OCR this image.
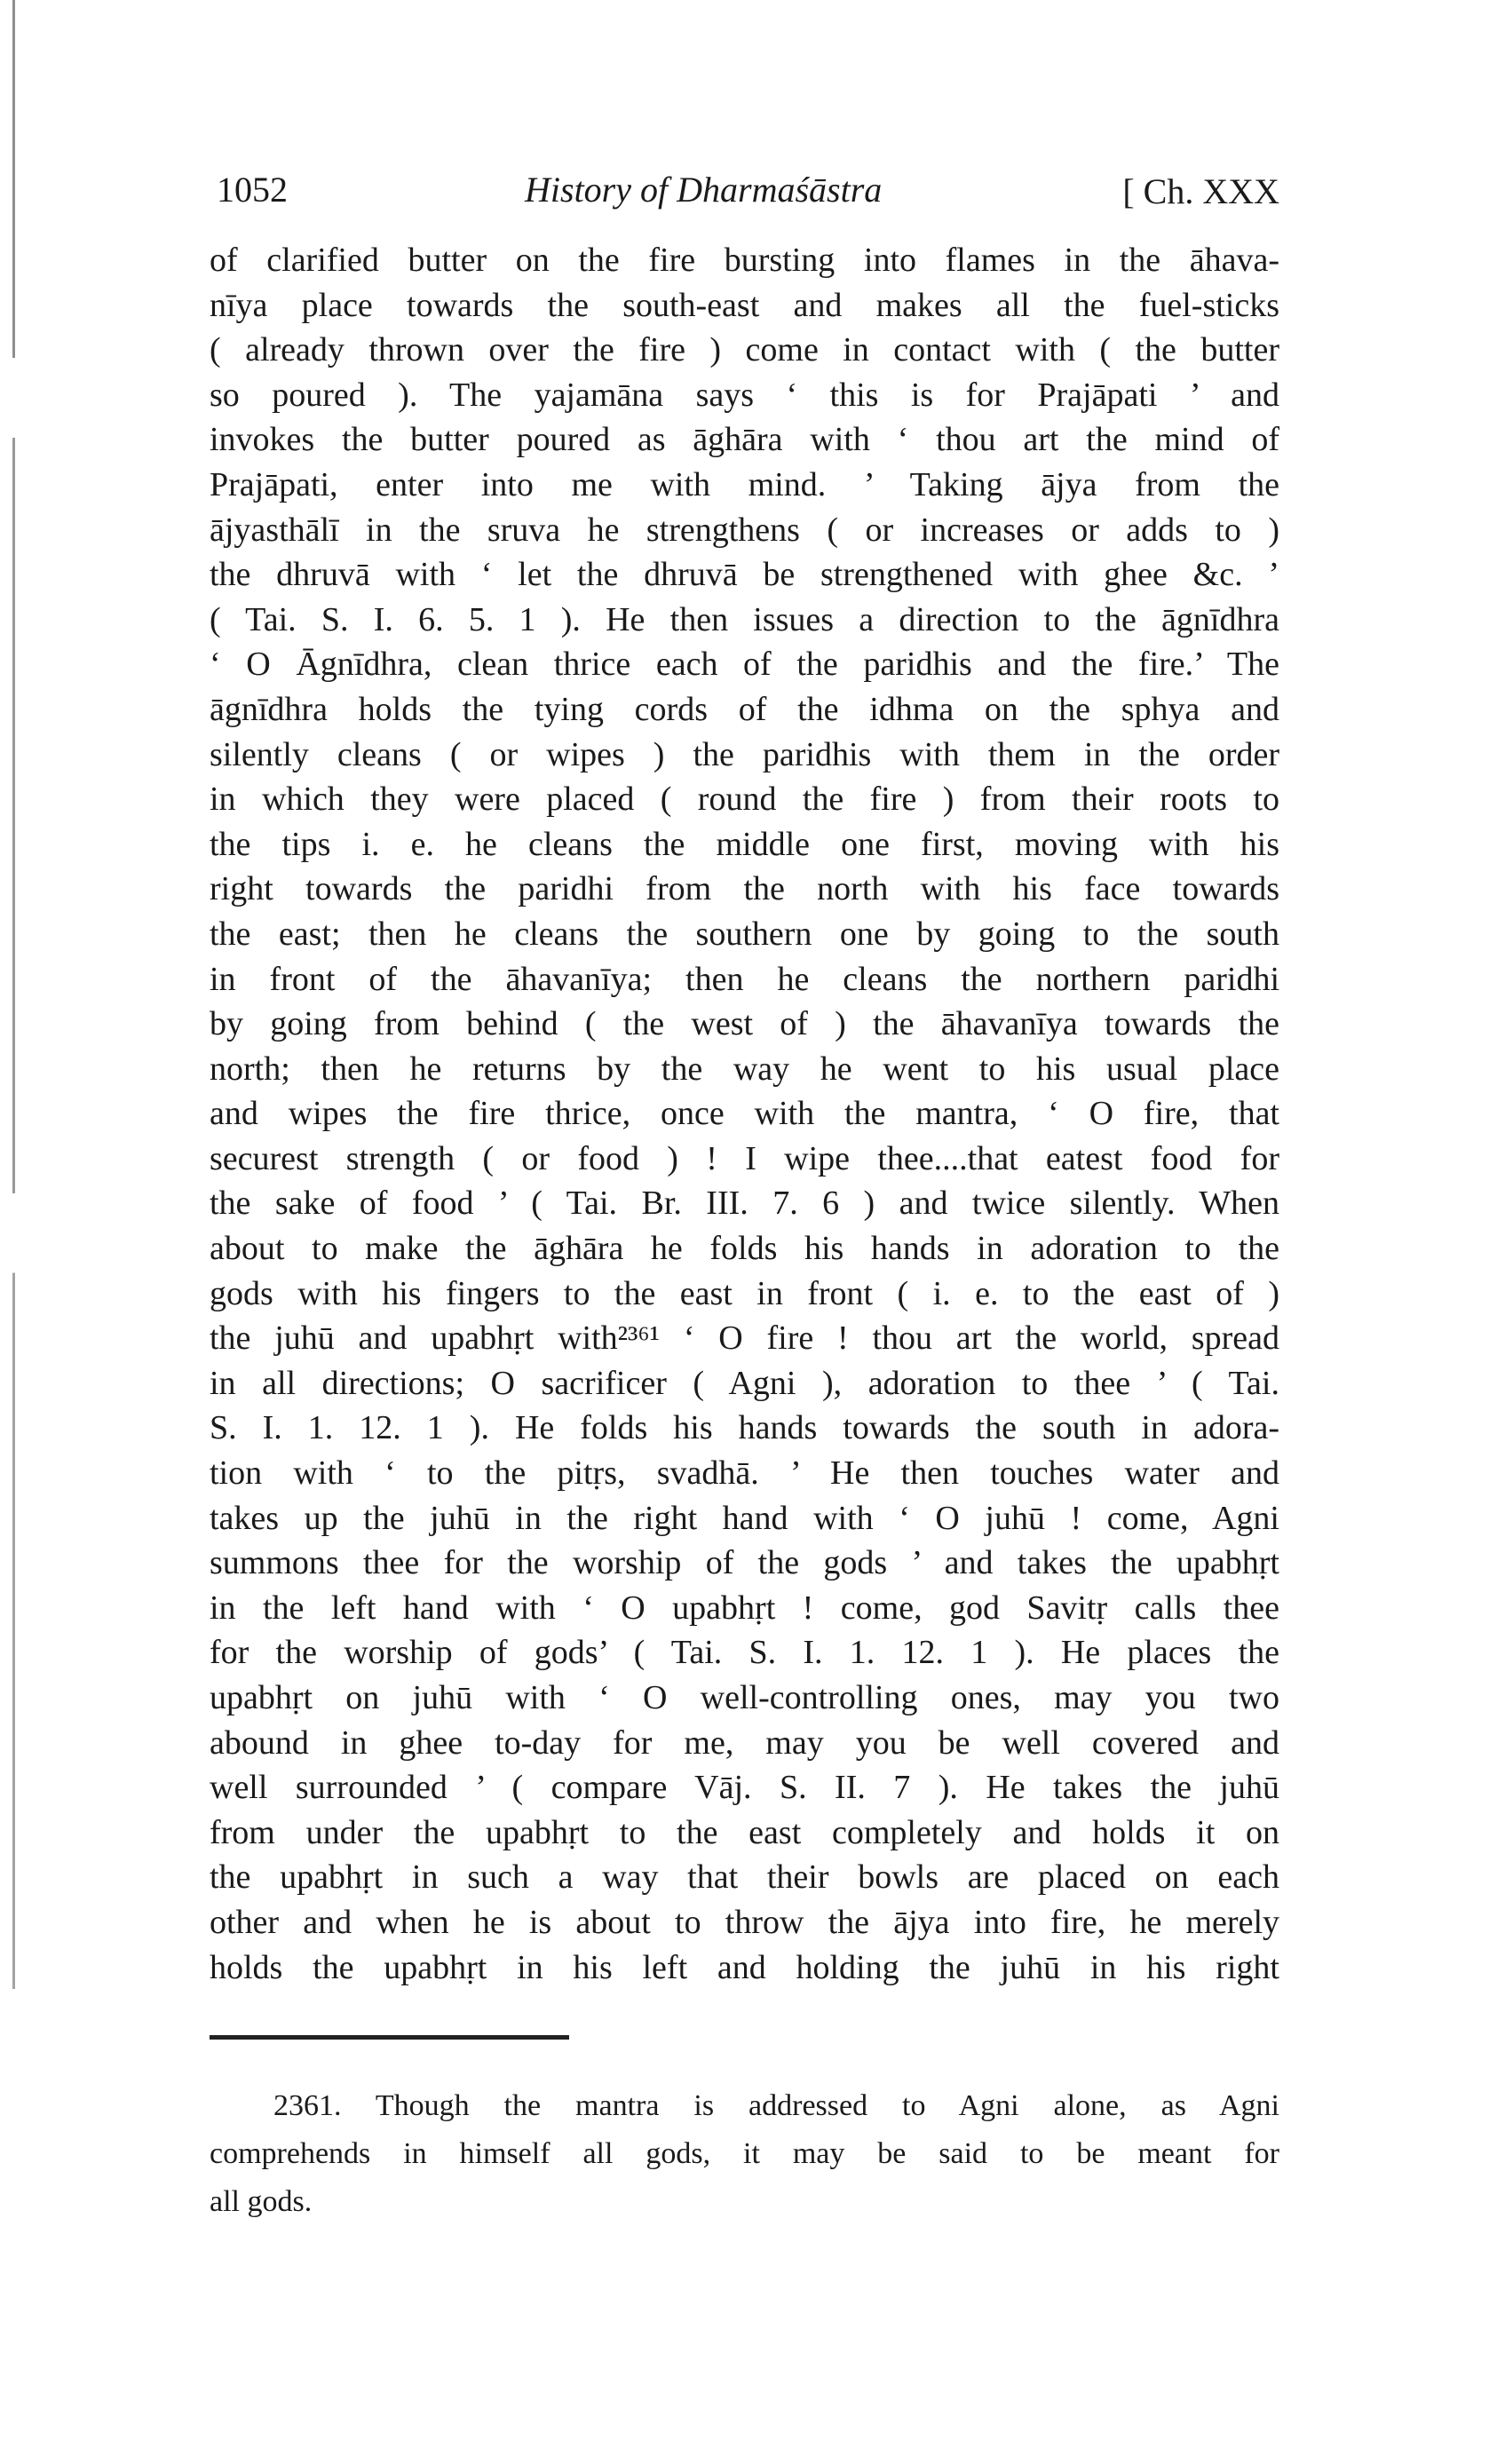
1052	History of Dharmaśāstra	[ Ch. XXX
of clarified butter on the fire bursting into flames in the āhava-
nīya place towards the south-east and makes all the fuel-sticks
( already thrown over the fire ) come in contact with ( the butter
so poured ). The yajamāna says ‘ this is for Prajāpati ’ and
invokes the butter poured as āghāra with ‘ thou art the mind of
Prajāpati, enter into me with mind. ’ Taking ājya from the
ājyasthālī in the sruva he strengthens ( or increases or adds to )
the dhruvā with ‘ let the dhruvā be strengthened with ghee &c. ’
( Tai. S. I. 6. 5. 1 ). He then issues a direction to the āgnīdhra
‘ O Āgnīdhra, clean thrice each of the paridhis and the fire.’ The
āgnīdhra holds the tying cords of the idhma on the sphya and
silently cleans ( or wipes ) the paridhis with them in the order
in which they were placed ( round the fire ) from their roots to
the tips i. e. he cleans the middle one first, moving with his
right towards the paridhi from the north with his face towards
the east; then he cleans the southern one by going to the south
in front of the āhavanīya; then he cleans the northern paridhi
by going from behind ( the west of ) the āhavanīya towards the
north; then he returns by the way he went to his usual place
and wipes the fire thrice, once with the mantra, ‘ O fire, that
securest strength ( or food ) ! I wipe thee....that eatest food for
the sake of food ’ ( Tai. Br. III. 7. 6 ) and twice silently. When
about to make the āghāra he folds his hands in adoration to the
gods with his fingers to the east in front ( i. e. to the east of )
the juhū and upabhṛt with²³⁶¹ ‘ O fire ! thou art the world, spread
in all directions; O sacrificer ( Agni ), adoration to thee ’ ( Tai.
S. I. 1. 12. 1 ). He folds his hands towards the south in adora-
tion with ‘ to the pitṛs, svadhā. ’ He then touches water and
takes up the juhū in the right hand with ‘ O juhū ! come, Agni
summons thee for the worship of the gods ’ and takes the upabhṛt
in the left hand with ‘ O upabhṛt ! come, god Savitṛ calls thee
for the worship of gods’ ( Tai. S. I. 1. 12. 1 ). He places the
upabhṛt on juhū with ‘ O well-controlling ones, may you two
abound in ghee to-day for me, may you be well covered and
well surrounded ’ ( compare Vāj. S. II. 7 ). He takes the juhū
from under the upabhṛt to the east completely and holds it on
the upabhṛt in such a way that their bowls are placed on each
other and when he is about to throw the ājya into fire, he merely
holds the upabhṛt in his left and holding the juhū in his right
2361. Though the mantra is addressed to Agni alone, as Agni
comprehends in himself all gods, it may be said to be meant for
all gods.
